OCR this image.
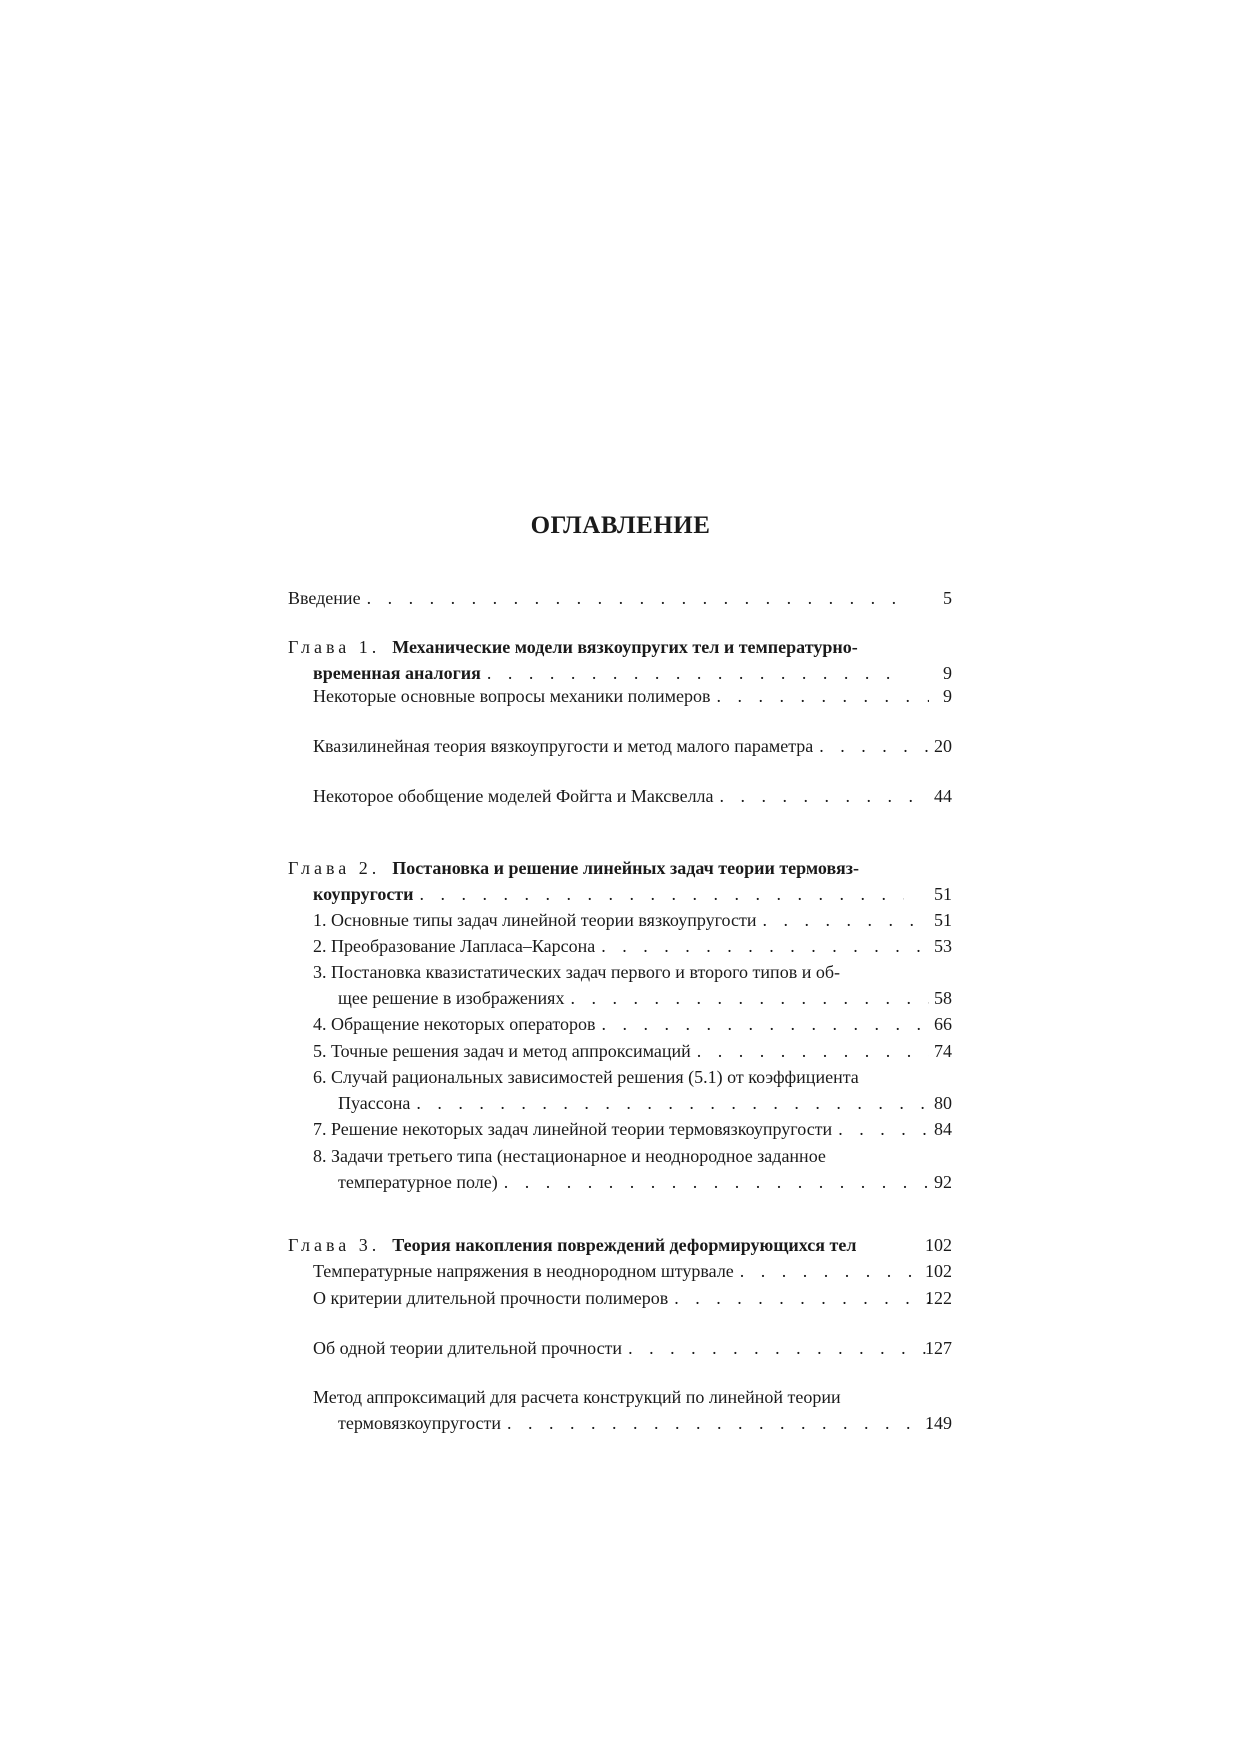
ОГЛАВЛЕНИЕ
Введение . . .	5
Глава 1. Механические модели вязкоупругих тел и температурно-
временная аналогия . . .	9
Некоторые основные вопросы механики полимеров . . .	9
Квазилинейная теория вязкоупругости и метод малого параметра . . .	20
Некоторое обобщение моделей Фойгта и Максвелла . . .	44
Глава 2. Постановка и решение линейных задач теории термовяз-
коупругости . . .	51
1. Основные типы задач линейной теории вязкоупругости . . .	51
2. Преобразование Лапласа–Карсона . . .	53
3. Постановка квазистатических задач первого и второго типов и об-
щее решение в изображениях . . .	58
4. Обращение некоторых операторов . . .	66
5. Точные решения задач и метод аппроксимаций . . .	74
6. Случай рациональных зависимостей решения (5.1) от коэффициента
Пуассона . . .	80
7. Решение некоторых задач линейной теории термовязкоупругости . . .	84
8. Задачи третьего типа (нестационарное и неоднородное заданное
температурное поле) . . .	92
Глава 3. Теория накопления повреждений деформирующихся тел	102
Температурные напряжения в неоднородном штурвале . . .	102
О критерии длительной прочности полимеров . . .	122
Об одной теории длительной прочности . . .	127
Метод аппроксимаций для расчета конструкций по линейной теории
термовязкоупругости . . .	149
